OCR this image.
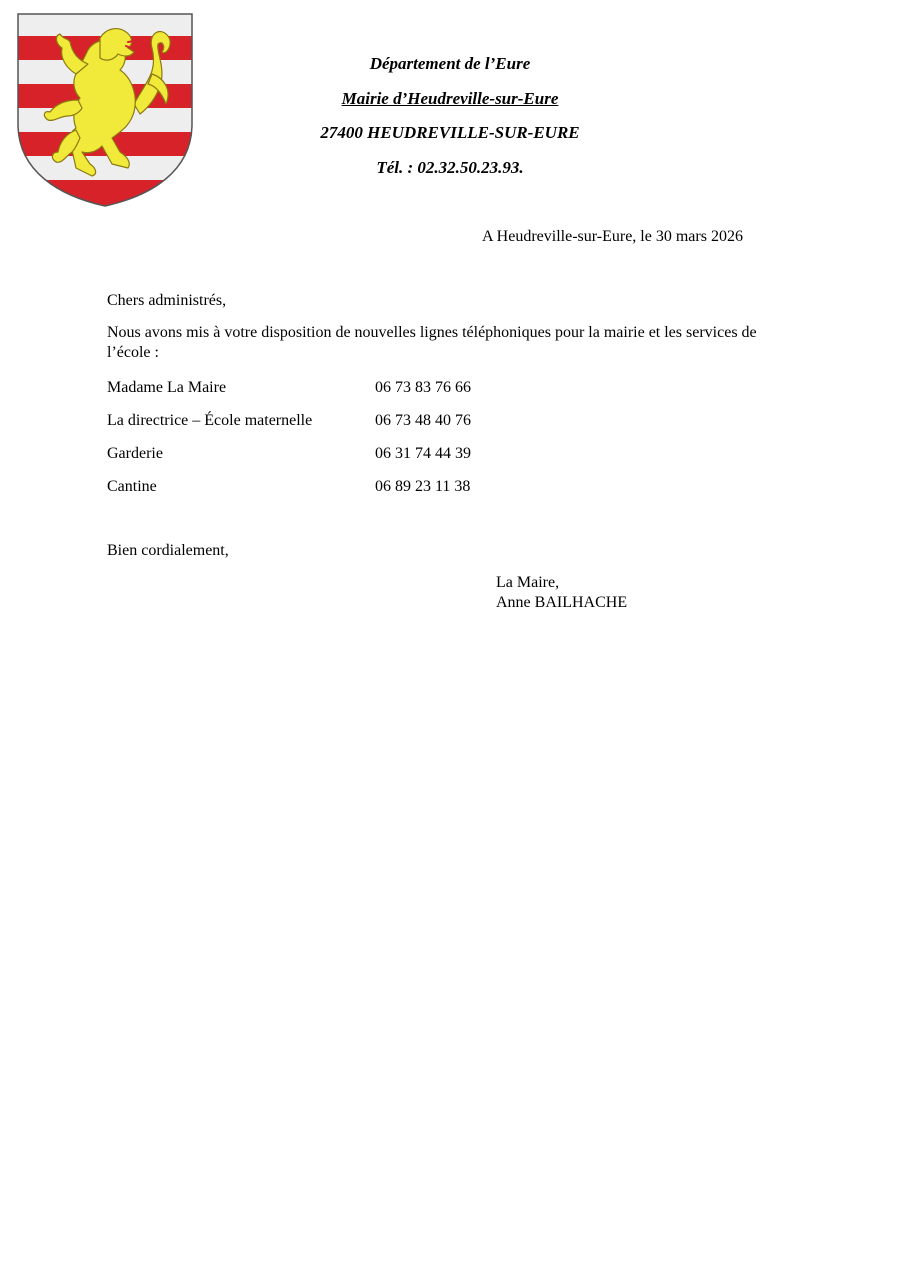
Département de l’Eure
Mairie d’Heudreville-sur-Eure
27400 HEUDREVILLE-SUR-EURE
Tél. : 02.32.50.23.93.
A Heudreville-sur-Eure, le 30 mars 2026
Chers administrés,
Nous avons mis à votre disposition de nouvelles lignes téléphoniques pour la mairie et les services de l’école :
Madame La Maire	06 73 83 76 66
La directrice – École maternelle	06 73 48 40 76
Garderie	06 31 74 44 39
Cantine	06 89 23 11 38
Bien cordialement,
La Maire,
Anne BAILHACHE
